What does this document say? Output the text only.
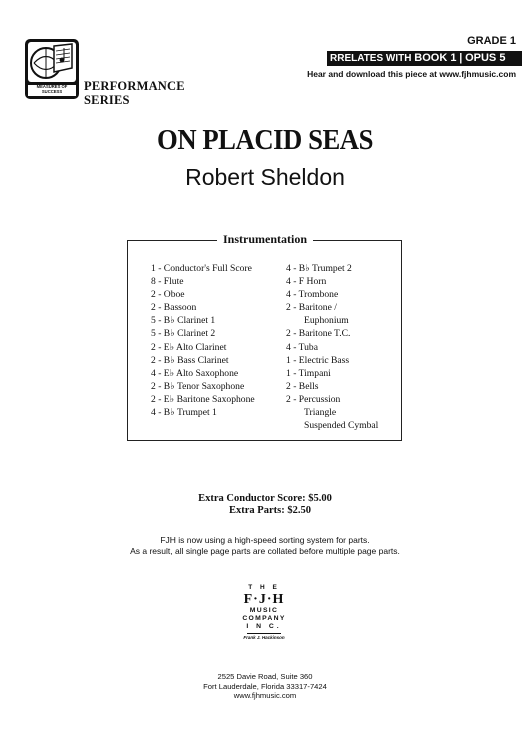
MEASURES OF SUCCESS	PERFORMANCE
SERIES
GRADE 1
RRELATES WITH BOOK 1 | OPUS 5
Hear and download this piece at www.fjhmusic.com
ON PLACID SEAS
Robert Sheldon
Instrumentation
1 - Conductor's Full Score
8 - Flute
2 - Oboe
2 - Bassoon
5 - B♭ Clarinet 1
5 - B♭ Clarinet 2
2 - E♭ Alto Clarinet
2 - B♭ Bass Clarinet
4 - E♭ Alto Saxophone
2 - B♭ Tenor Saxophone
2 - E♭ Baritone Saxophone
4 - B♭ Trumpet 1
4 - B♭ Trumpet 2
4 - F Horn
4 - Trombone
2 - Baritone /
Euphonium
2 - Baritone T.C.
4 - Tuba
1 - Electric Bass
1 - Timpani
2 - Bells
2 - Percussion
Triangle
Suspended Cymbal
Extra Conductor Score: $5.00
Extra Parts: $2.50
FJH is now using a high-speed sorting system for parts.
As a result, all single page parts are collated before multiple page parts.
T H E
F·J·H
MUSIC
COMPANY
I N C.
Frank J. Hackinson
2525 Davie Road, Suite 360
Fort Lauderdale, Florida 33317-7424
www.fjhmusic.com
